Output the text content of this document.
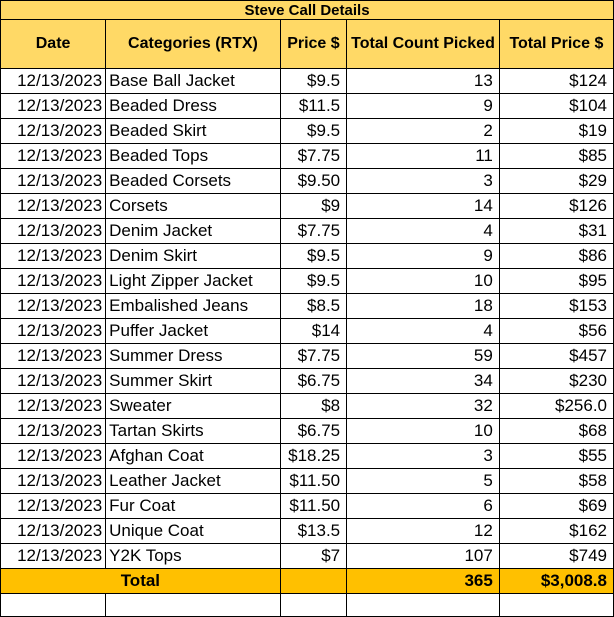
Steve Call Details				
Date	Categories (RTX)	Price $	Total Count Picked	Total Price $
12/13/2023	Base Ball Jacket	$9.5	13	$124
12/13/2023	Beaded Dress	$11.5	9	$104
12/13/2023	Beaded Skirt	$9.5	2	$19
12/13/2023	Beaded Tops	$7.75	11	$85
12/13/2023	Beaded Corsets	$9.50	3	$29
12/13/2023	Corsets	$9	14	$126
12/13/2023	Denim Jacket	$7.75	4	$31
12/13/2023	Denim Skirt	$9.5	9	$86
12/13/2023	Light Zipper Jacket	$9.5	10	$95
12/13/2023	Embalished Jeans	$8.5	18	$153
12/13/2023	Puffer Jacket	$14	4	$56
12/13/2023	Summer Dress	$7.75	59	$457
12/13/2023	Summer Skirt	$6.75	34	$230
12/13/2023	Sweater	$8	32	$256.0
12/13/2023	Tartan Skirts	$6.75	10	$68
12/13/2023	Afghan Coat	$18.25	3	$55
12/13/2023	Leather Jacket	$11.50	5	$58
12/13/2023	Fur Coat	$11.50	6	$69
12/13/2023	Unique Coat	$13.5	12	$162
12/13/2023	Y2K Tops	$7	107	$749
Total			365	$3,008.8
